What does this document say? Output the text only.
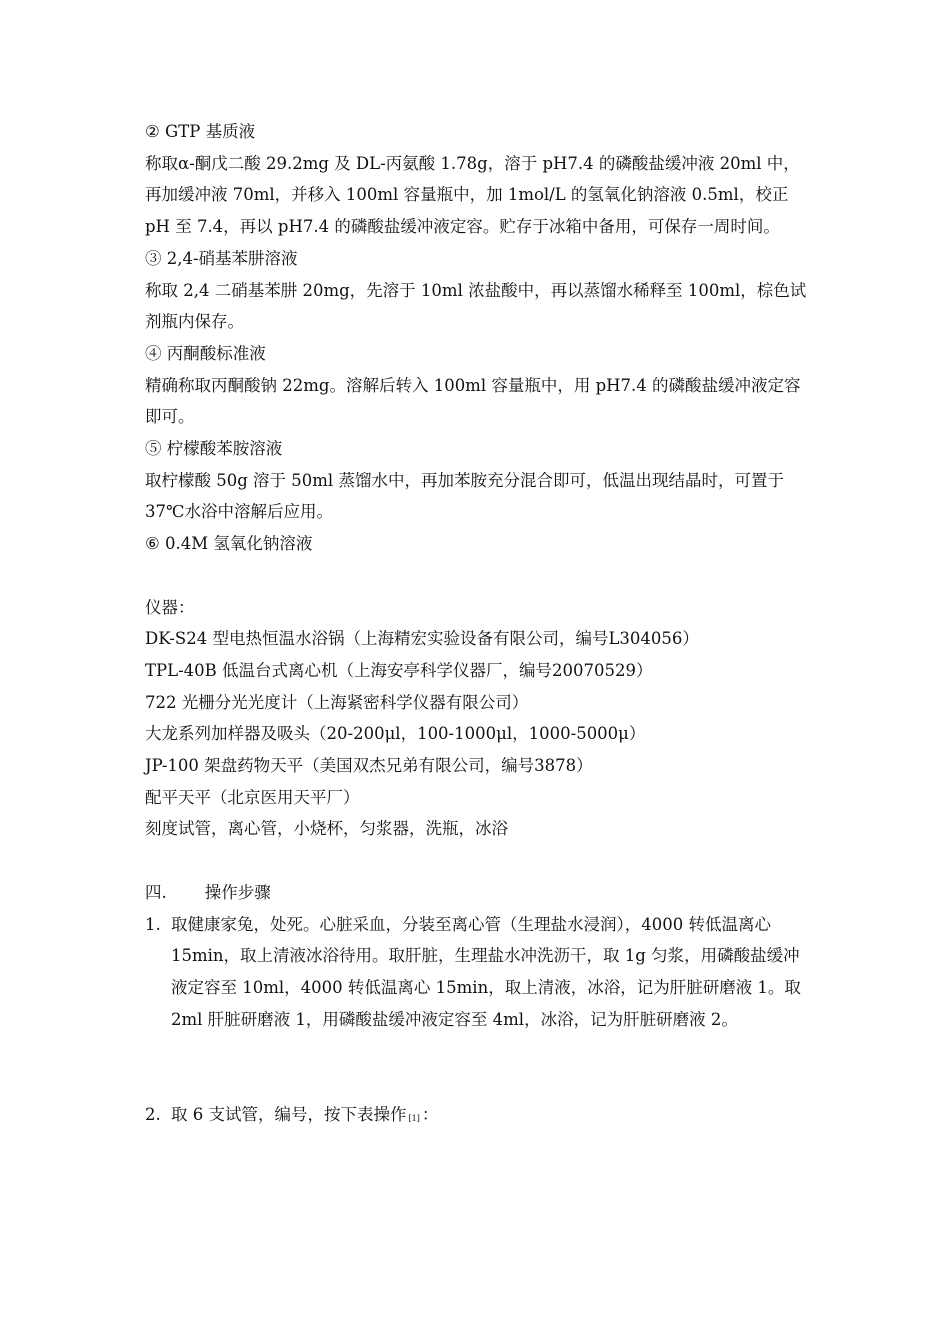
② GTP 基质液

称取α-酮戊二酸 29.2mg 及 DL-丙氨酸 1.78g，溶于 pH7.4 的磷酸盐缓冲液 20ml 中，再加缓冲液 70ml，并移入 100ml 容量瓶中，加 1mol/L 的氢氧化钠溶液 0.5ml，校正 pH 至 7.4，再以 pH7.4 的磷酸盐缓冲液定容。贮存于冰箱中备用，可保存一周时间。

③ 2,4-硝基苯肼溶液

称取 2,4 二硝基苯肼 20mg，先溶于 10ml 浓盐酸中，再以蒸馏水稀释至 100ml，棕色试剂瓶内保存。

④ 丙酮酸标准液

精确称取丙酮酸钠 22mg。溶解后转入 100ml 容量瓶中，用 pH7.4 的磷酸盐缓冲液定容即可。

⑤ 柠檬酸苯胺溶液

取柠檬酸 50g 溶于 50ml 蒸馏水中，再加苯胺充分混合即可，低温出现结晶时，可置于 37℃水浴中溶解后应用。

⑥ 0.4M 氢氧化钠溶液

仪器：

DK-S24 型电热恒温水浴锅（上海精宏实验设备有限公司，编号L304056）

TPL-40B 低温台式离心机（上海安亭科学仪器厂，编号20070529）

722 光栅分光光度计（上海紧密科学仪器有限公司）

大龙系列加样器及吸头（20-200μl，100-1000μl，1000-5000μ）

JP-100 架盘药物天平（美国双杰兄弟有限公司，编号3878）

配平天平（北京医用天平厂）

刻度试管，离心管，小烧杯，匀浆器，洗瓶，冰浴

四. 操作步骤

1. 取健康家兔，处死。心脏采血，分装至离心管（生理盐水浸润），4000 转低温离心 15min，取上清液冰浴待用。取肝脏，生理盐水冲洗沥干，取 1g 匀浆，用磷酸盐缓冲液定容至 10ml，4000 转低温离心 15min，取上清液，冰浴，记为肝脏研磨液 1。取 2ml 肝脏研磨液 1，用磷酸盐缓冲液定容至 4ml，冰浴，记为肝脏研磨液 2。

2. 取 6 支试管，编号，按下表操作 [1] ：
